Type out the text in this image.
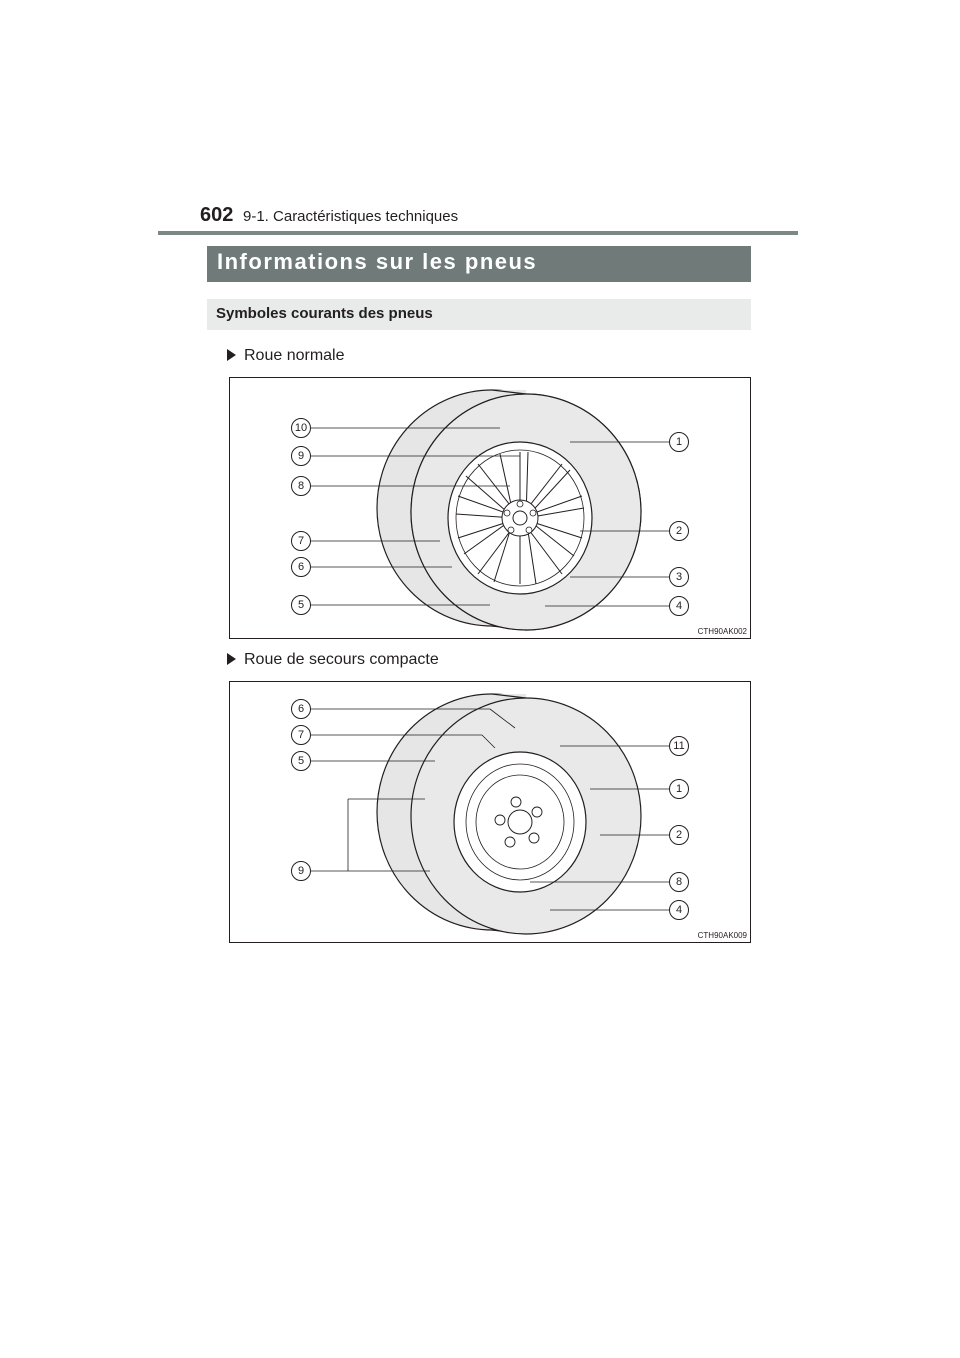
602 9-1. Caractéristiques techniques
Informations sur les pneus
Symboles courants des pneus
Roue normale
10
9
8
7
6
5
1
2
3
4
CTH90AK002
Roue de secours compacte
6
7
5
9
11
1
2
8
4
CTH90AK009
